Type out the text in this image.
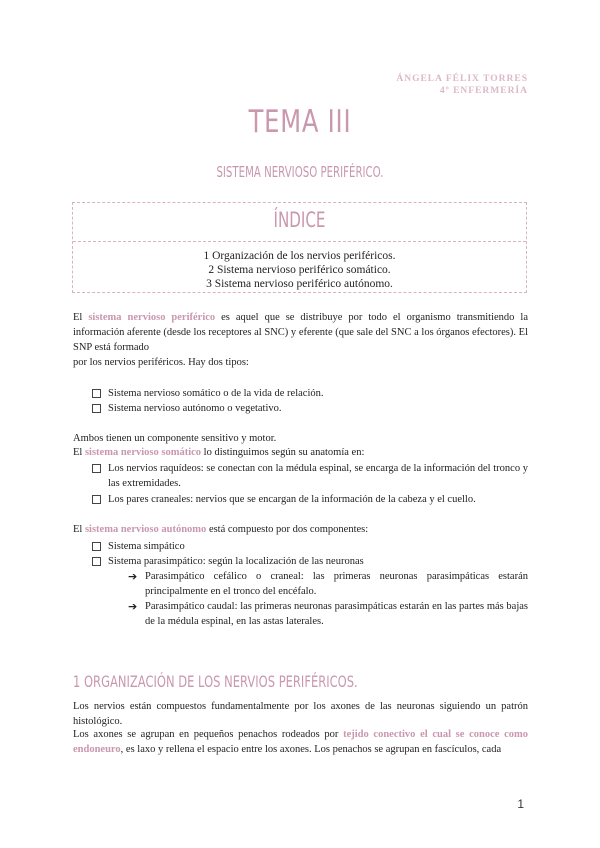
ÁNGELA FÉLIX TORRES
4º ENFERMERÍA
TEMA III
SISTEMA NERVIOSO PERIFÉRICO.
ÍNDICE
1 Organización de los nervios periféricos.
2 Sistema nervioso periférico somático.
3 Sistema nervioso periférico autónomo.
El sistema nervioso periférico es aquel que se distribuye por todo el organismo transmitiendo la información aferente (desde los receptores al SNC) y eferente (que sale del SNC a los órganos efectores). El SNP está formado
por los nervios periféricos. Hay dos tipos:
Sistema nervioso somático o de la vida de relación.
Sistema nervioso autónomo o vegetativo.
Ambos tienen un componente sensitivo y motor.
El sistema nervioso somático lo distinguimos según su anatomía en:
Los nervios raquídeos: se conectan con la médula espinal, se encarga de la información del tronco y las extremidades.
Los pares craneales: nervios que se encargan de la información de la cabeza y el cuello.
El sistema nervioso autónomo está compuesto por dos componentes:
Sistema simpático
Sistema parasimpático: según la localización de las neuronas
➔ Parasimpático cefálico o craneal: las primeras neuronas parasimpáticas estarán principalmente en el tronco del encéfalo.
➔ Parasimpático caudal: las primeras neuronas parasimpáticas estarán en las partes más bajas de la médula espinal, en las astas laterales.
1 ORGANIZACIÓN DE LOS NERVIOS PERIFÉRICOS.
Los nervios están compuestos fundamentalmente por los axones de las neuronas siguiendo un patrón histológico.
Los axones se agrupan en pequeños penachos rodeados por tejido conectivo el cual se conoce como endoneuro, es laxo y rellena el espacio entre los axones. Los penachos se agrupan en fascículos, cada
1
